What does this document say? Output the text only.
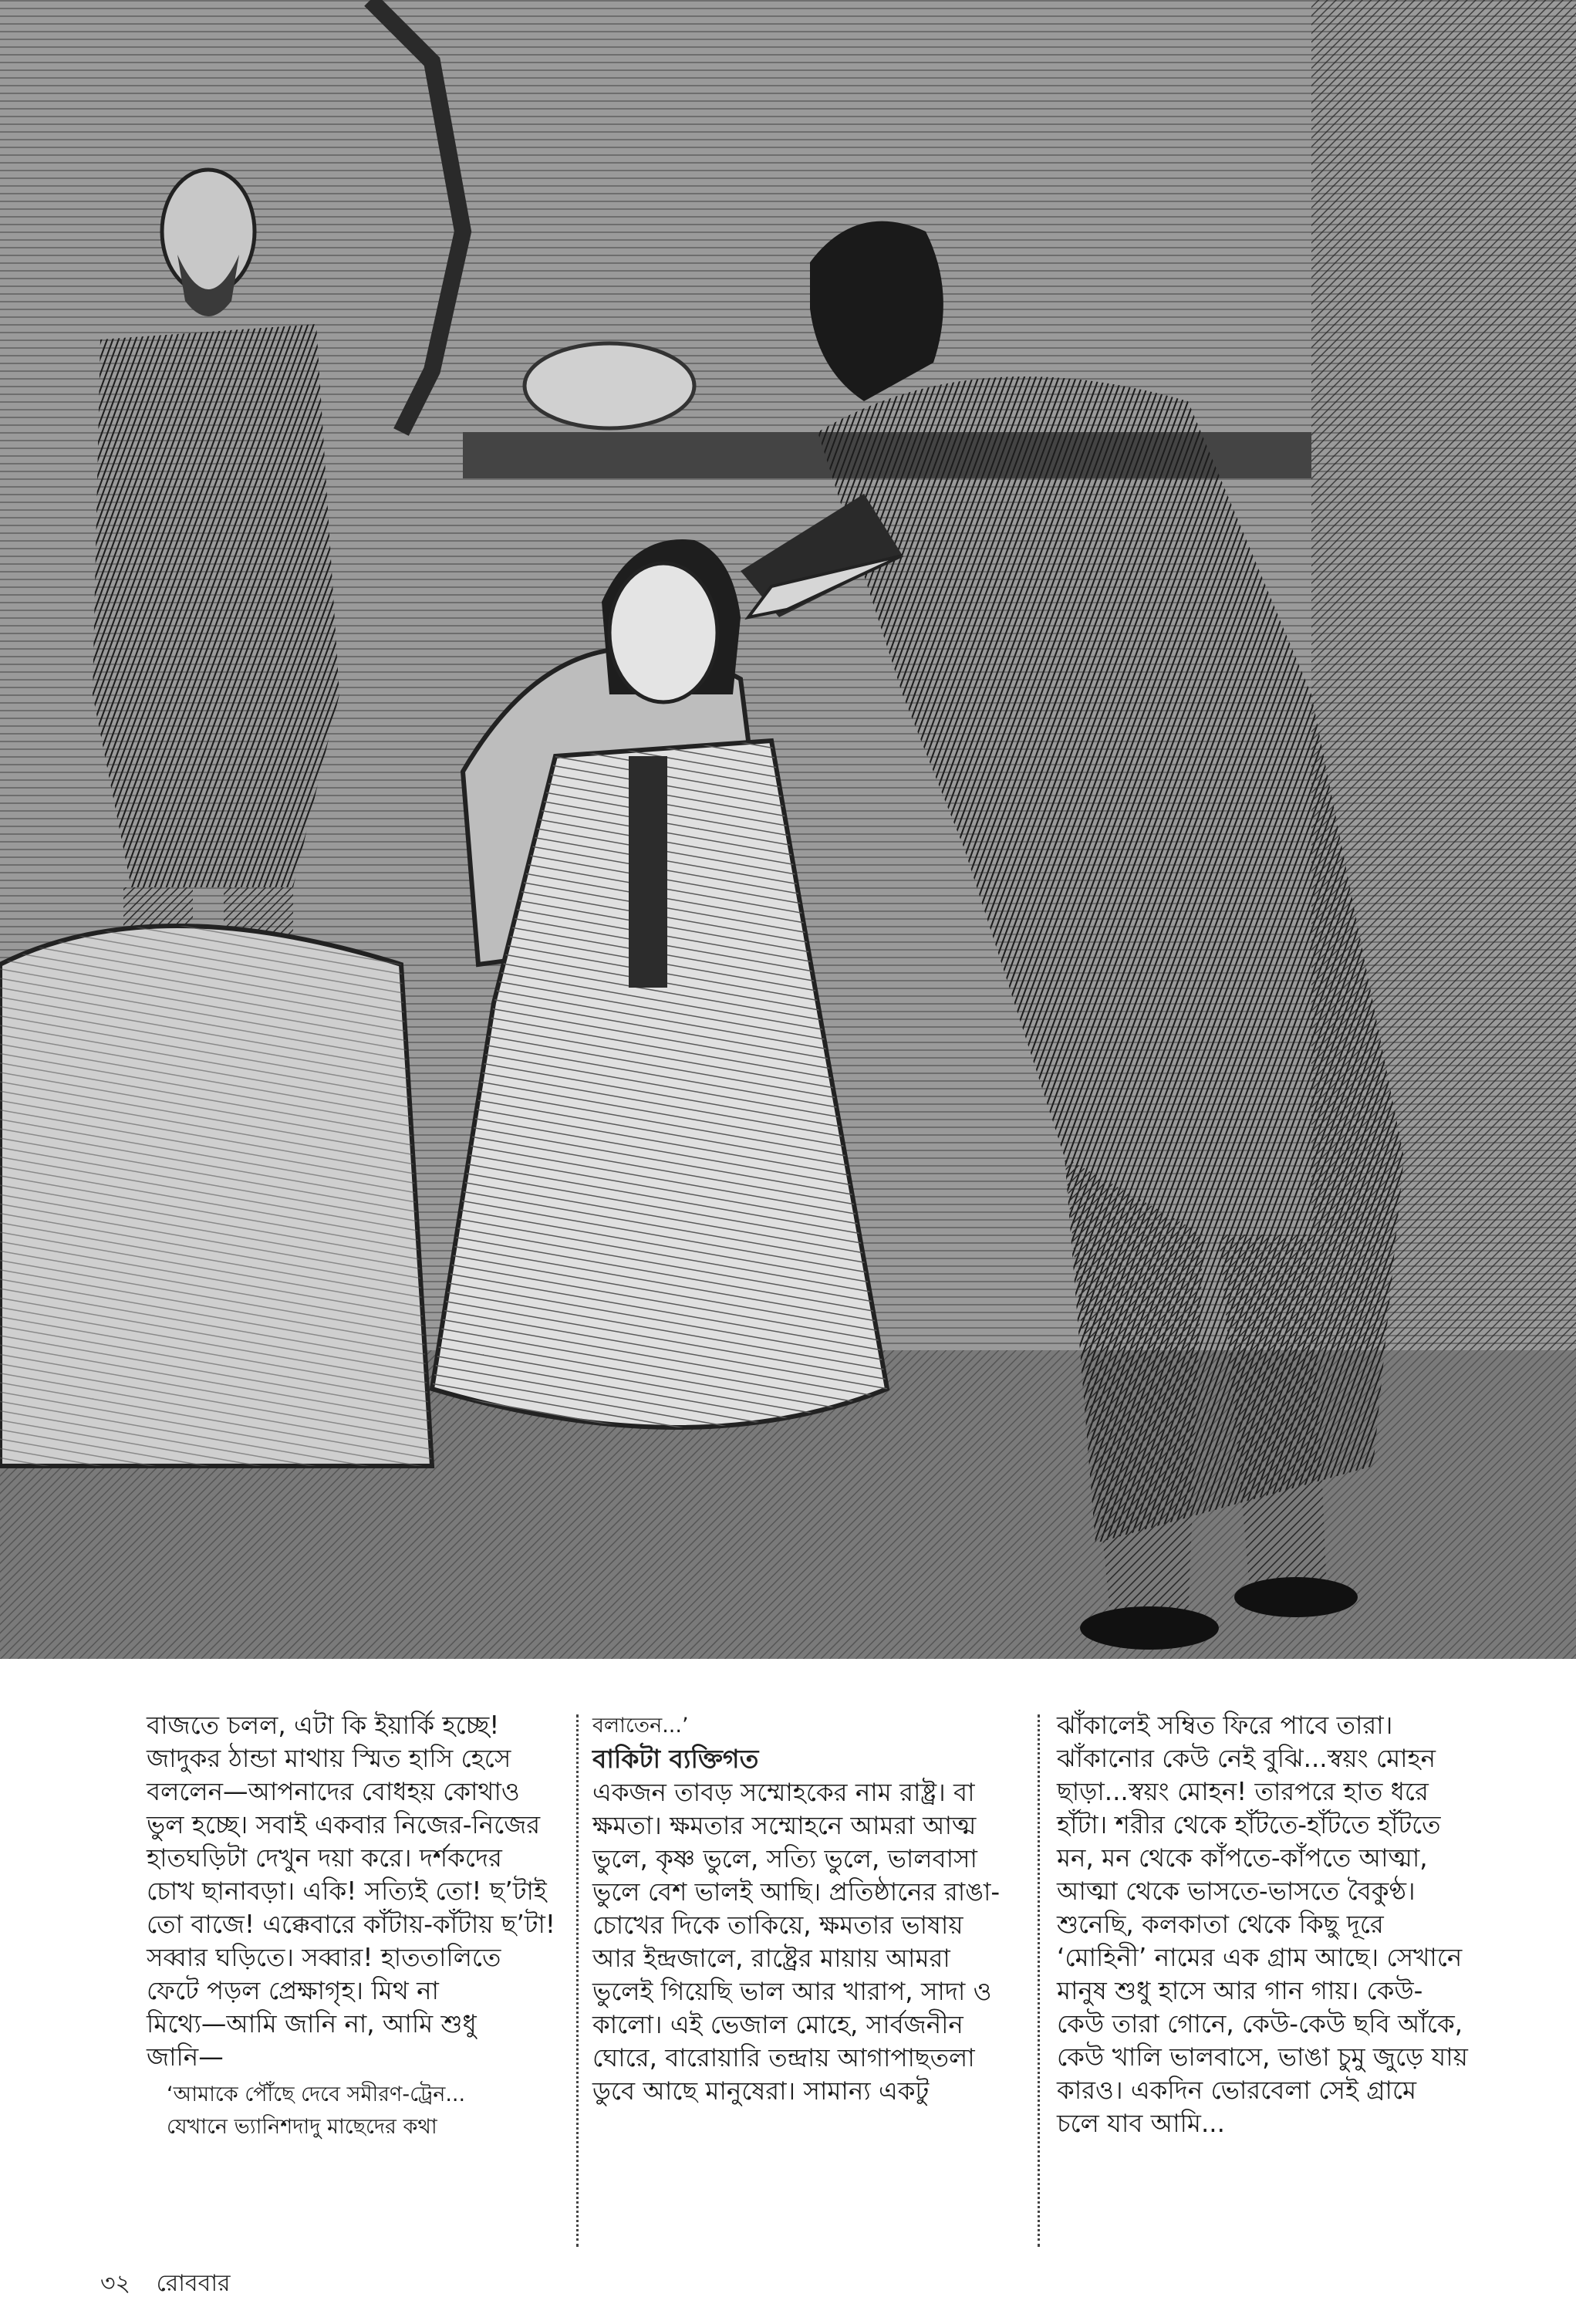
বাজতে চলল, এটা কি ইয়ার্কি হচ্ছে!

জাদুকর ঠান্ডা মাথায় স্মিত হাসি হেসে

বললেন—আপনাদের বোধহয় কোথাও

ভুল হচ্ছে। সবাই একবার নিজের-নিজের

হাতঘড়িটা দেখুন দয়া করে। দর্শকদের

চোখ ছানাবড়া। একি! সত্যিই তো! ছ’টাই

তো বাজে! এক্কেবারে কাঁটায়-কাঁটায় ছ’টা!

সব্বার ঘড়িতে। সব্বার! হাততালিতে

ফেটে পড়ল প্রেক্ষাগৃহ। মিথ না

মিথ্যে—আমি জানি না, আমি শুধু

জানি—

‘আমাকে পৌঁছে দেবে সমীরণ-ট্রেন...

যেখানে ভ্যানিশদাদু মাছেদের কথা

বলাতেন...’

বাকিটা ব্যক্তিগত

একজন তাবড় সম্মোহকের নাম রাষ্ট্র। বা

ক্ষমতা। ক্ষমতার সম্মোহনে আমরা আত্ম

ভুলে, কৃষ্ণ ভুলে, সত্যি ভুলে, ভালবাসা

ভুলে বেশ ভালই আছি। প্রতিষ্ঠানের রাঙা-

চোখের দিকে তাকিয়ে, ক্ষমতার ভাষায়

আর ইন্দ্রজালে, রাষ্ট্রের মায়ায় আমরা

ভুলেই গিয়েছি ভাল আর খারাপ, সাদা ও

কালো। এই ভেজাল মোহে, সার্বজনীন

ঘোরে, বারোয়ারি তন্দ্রায় আগাপাছতলা

ডুবে আছে মানুষেরা। সামান্য একটু

ঝাঁকালেই সম্বিত ফিরে পাবে তারা।

ঝাঁকানোর কেউ নেই বুঝি...স্বয়ং মোহন

ছাড়া...স্বয়ং মোহন! তারপরে হাত ধরে

হাঁটা। শরীর থেকে হাঁটতে-হাঁটতে হাঁটতে

মন, মন থেকে কাঁপতে-কাঁপতে আত্মা,

আত্মা থেকে ভাসতে-ভাসতে বৈকুণ্ঠ।

শুনেছি, কলকাতা থেকে কিছু দূরে

‘মোহিনী’ নামের এক গ্রাম আছে। সেখানে

মানুষ শুধু হাসে আর গান গায়। কেউ-

কেউ তারা গোনে, কেউ-কেউ ছবি আঁকে,

কেউ খালি ভালবাসে, ভাঙা চুমু জুড়ে যায়

কারও। একদিন ভোরবেলা সেই গ্রামে

চলে যাব আমি...

৩২ রোববার
